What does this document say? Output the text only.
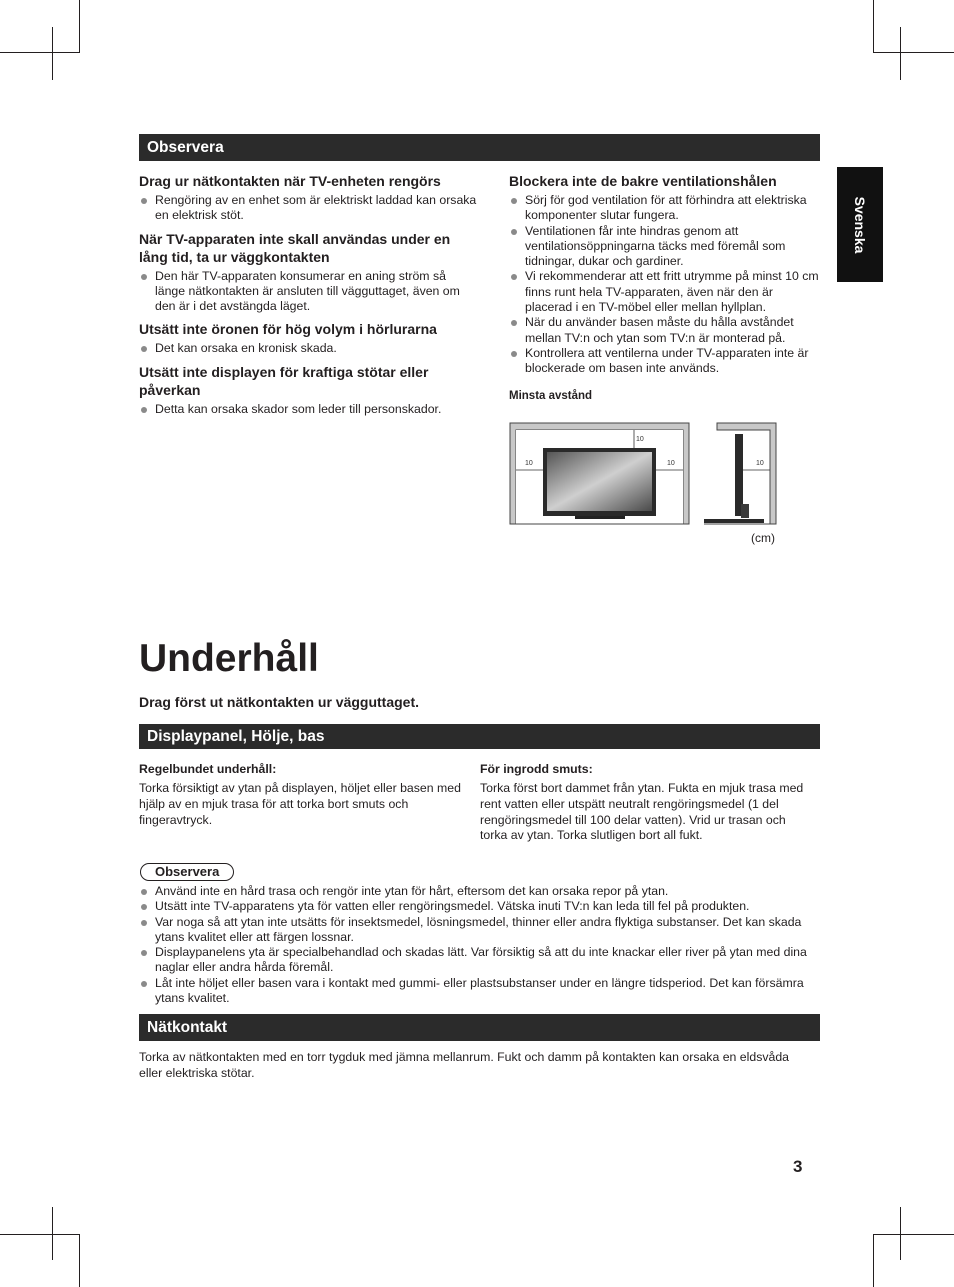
Svenska
Observera

Drag ur nätkontakten när TV-enheten rengörs

Rengöring av en enhet som är elektriskt laddad kan orsaka en elektrisk stöt.

När TV-apparaten inte skall användas under en lång tid, ta ur väggkontakten

Den här TV-apparaten konsumerar en aning ström så länge nätkontakten är ansluten till vägguttaget, även om den är i det avstängda läget.

Utsätt inte öronen för hög volym i hörlurarna

Det kan orsaka en kronisk skada.

Utsätt inte displayen för kraftiga stötar eller påverkan

Detta kan orsaka skador som leder till personskador.

Blockera inte de bakre ventilationshålen

Sörj för god ventilation för att förhindra att elektriska komponenter slutar fungera.
Ventilationen får inte hindras genom att ventilationsöppningarna täcks med föremål som tidningar, dukar och gardiner.
Vi rekommenderar att ett fritt utrymme på minst 10 cm finns runt hela TV-apparaten, även när den är placerad i en TV-möbel eller mellan hyllplan.
När du använder basen måste du hålla avståndet mellan TV:n och ytan som TV:n är monterad på.
Kontrollera att ventilerna under TV-apparaten inte är blockerade om basen inte används.
Minsta avstånd
10
10	10	10
(cm)
Underhåll
Drag först ut nätkontakten ur vägguttaget.
Displaypanel, Hölje, bas

Regelbundet underhåll:

Torka försiktigt av ytan på displayen, höljet eller basen med hjälp av en mjuk trasa för att torka bort smuts och fingeravtryck.

För ingrodd smuts:

Torka först bort dammet från ytan. Fukta en mjuk trasa med rent vatten eller utspätt neutralt rengöringsmedel (1 del rengöringsmedel till 100 delar vatten). Vrid ur trasan och torka av ytan. Torka slutligen bort all fukt.

Observera
Använd inte en hård trasa och rengör inte ytan för hårt, eftersom det kan orsaka repor på ytan.
Utsätt inte TV-apparatens yta för vatten eller rengöringsmedel. Vätska inuti TV:n kan leda till fel på produkten.
Var noga så att ytan inte utsätts för insektsmedel, lösningsmedel, thinner eller andra flyktiga substanser. Det kan skada ytans kvalitet eller att färgen lossnar.
Displaypanelens yta är specialbehandlad och skadas lätt. Var försiktig så att du inte knackar eller river på ytan med dina naglar eller andra hårda föremål.
Låt inte höljet eller basen vara i kontakt med gummi- eller plastsubstanser under en längre tidsperiod. Det kan försämra ytans kvalitet.
Nätkontakt

Torka av nätkontakten med en torr tygduk med jämna mellanrum. Fukt och damm på kontakten kan orsaka en eldsvåda eller elektriska stötar.

3
